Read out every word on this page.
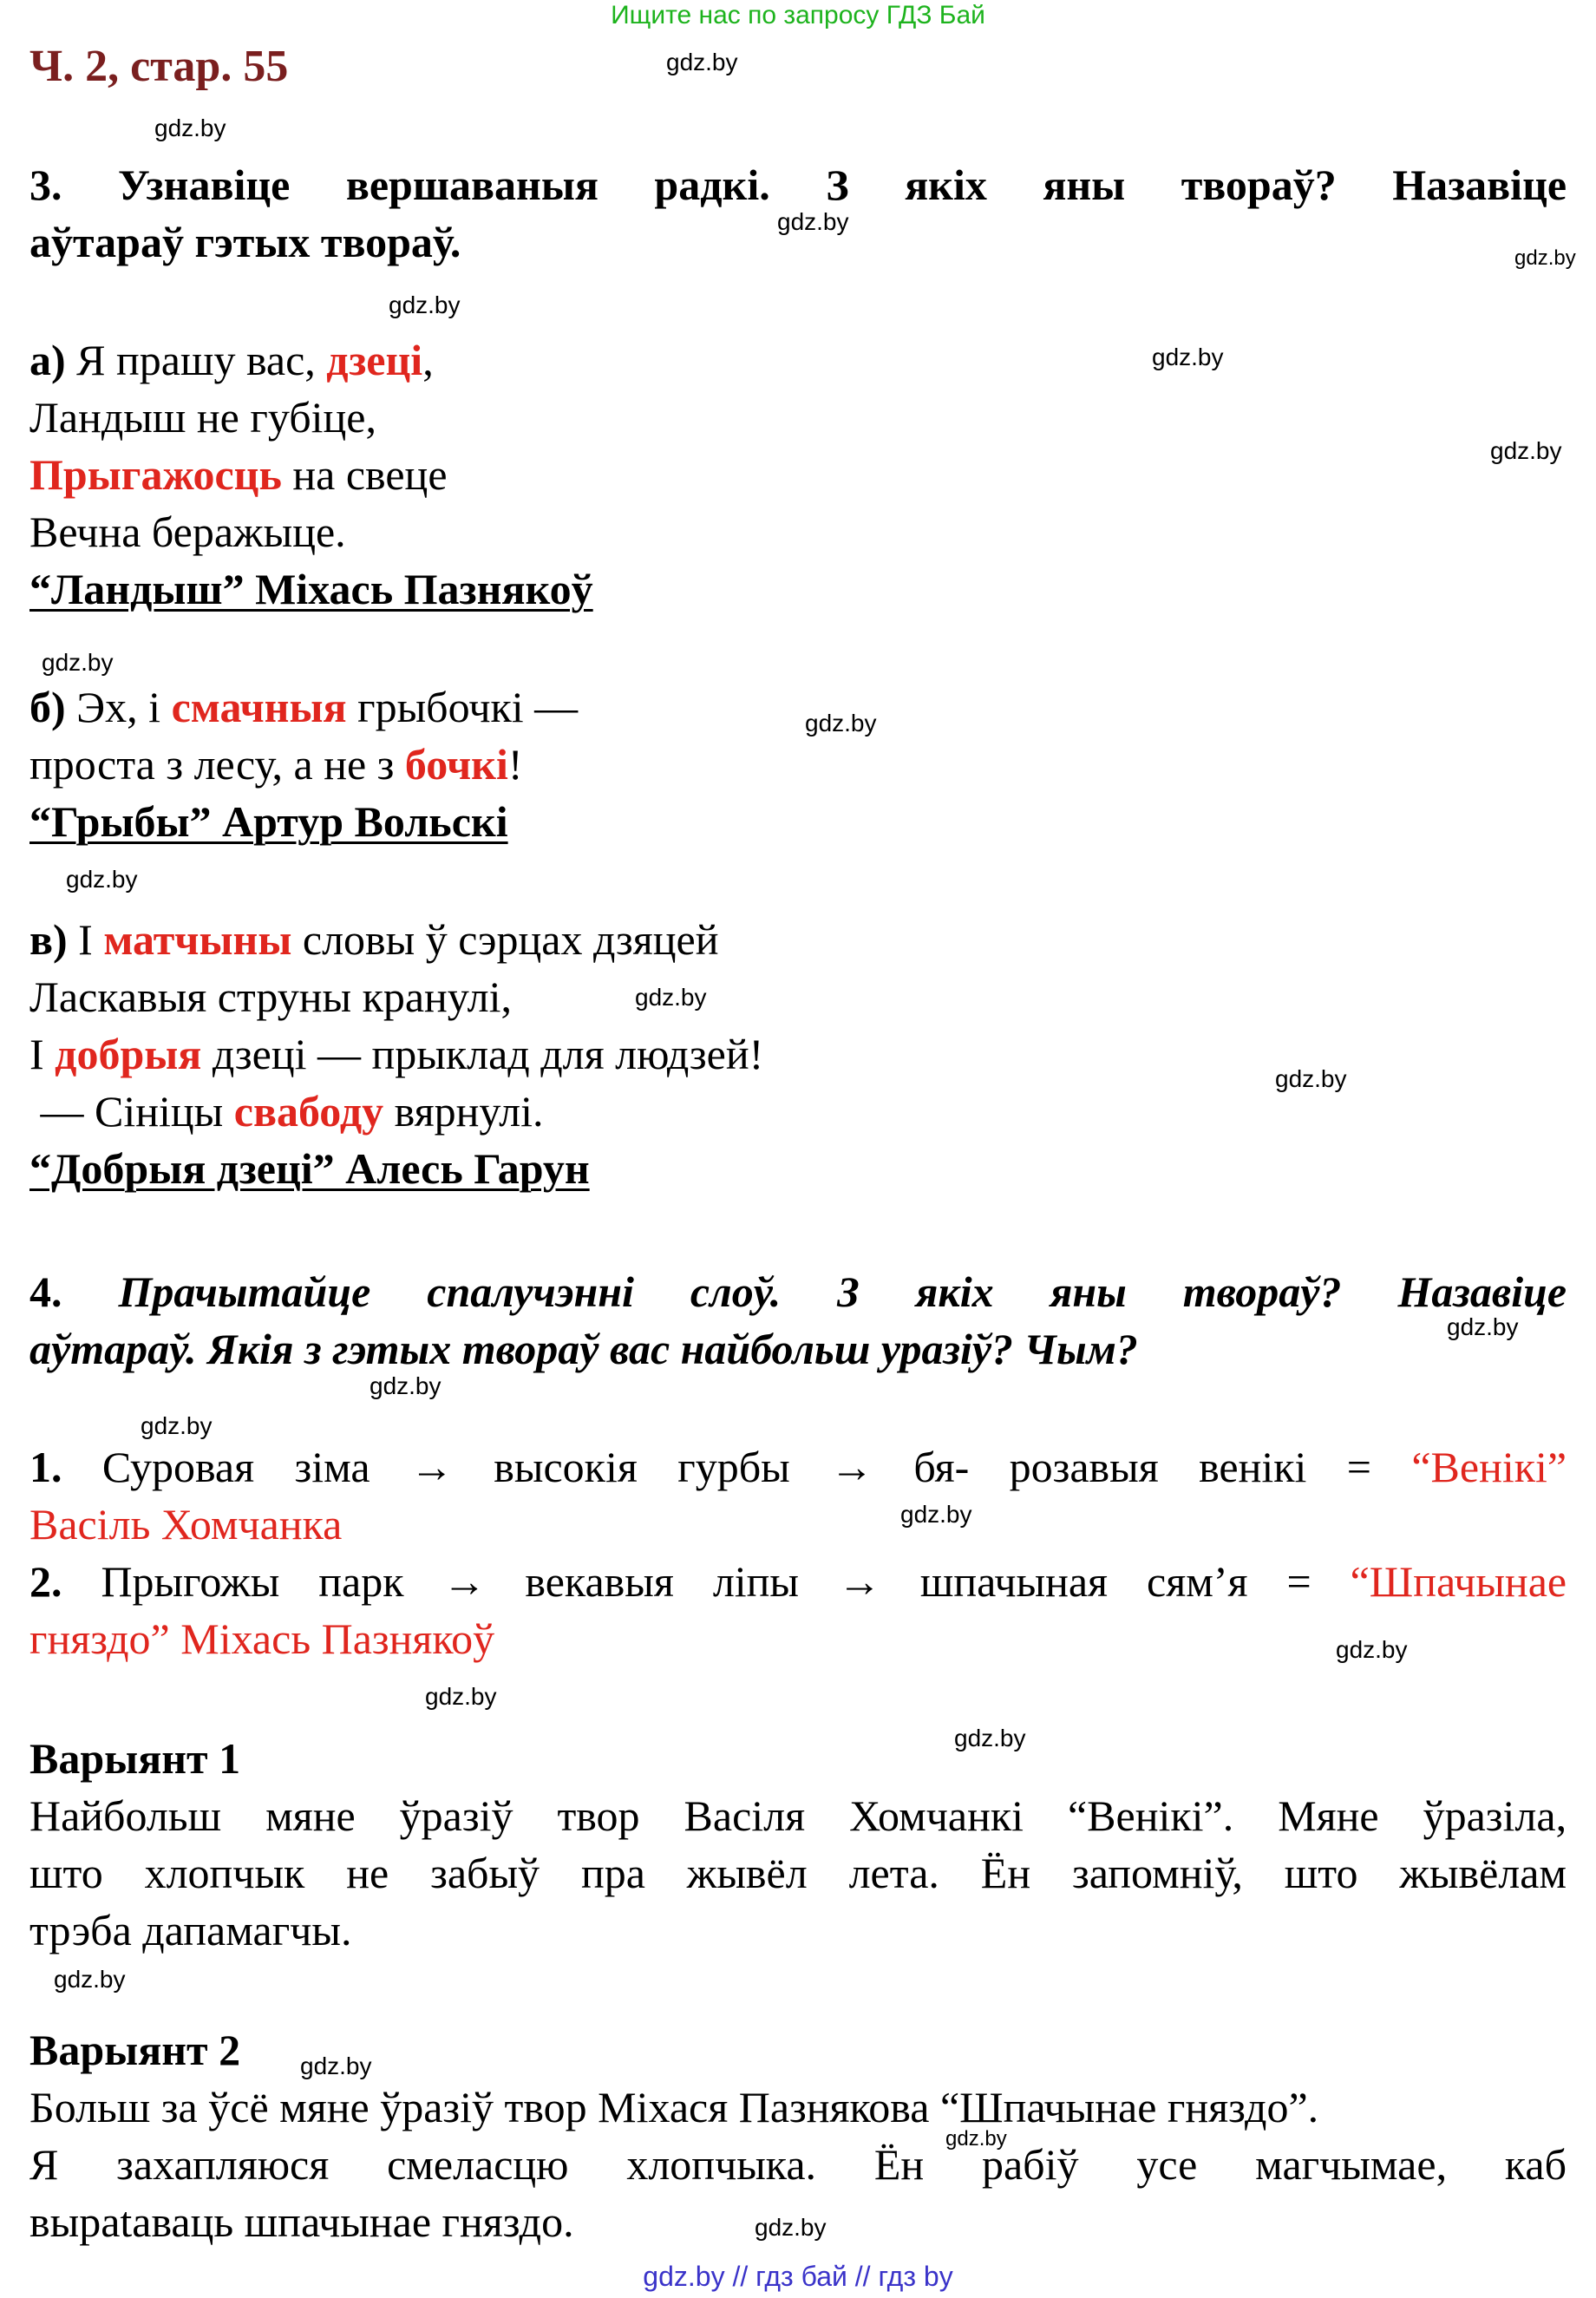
Ищите нас по запросу ГДЗ Бай
Ч. 2, стар. 55	gdz.by
gdz.by
gdz.by
gdz.by
gdz.by
gdz.by
gdz.by
gdz.by
gdz.by
gdz.by
gdz.by
gdz.by
gdz.by
gdz.by
gdz.by
gdz.by
gdz.by
gdz.by
gdz.by
gdz.by
gdz.by
gdz.by
gdz.by
3. Узнавіце вершаваныя радкі. З якіх яны твораў? Назавіце
аўтараў гэтых твораў.
а) Я прашу вас, дзеці,
Ландыш не губіце,
Прыгажосць на свеце
Вечна беражыце.
“Ландыш” Міхась Пазнякоў
б) Эх, і смачныя грыбочкі —
проста з лесу, а не з бочкі!
“Грыбы” Артур Вольскі
в) І матчыны словы ў сэрцах дзяцей
Ласкавыя струны кранулі,
І добрыя дзеці — прыклад для людзей!
— Сініцы свабоду вярнулі.
“Добрыя дзеці” Алесь Гарун
4. Прачытайце спалучэнні слоў. З якіх яны твораў? Назавіце
аўтараў. Якія з гэтых твораў вас найбольш уразіў? Чым?
1. Суровая зіма → высокія гурбы → бя- розавыя венікі = “Венікі”
Васіль Хомчанка
2. Прыгожы парк → векавыя ліпы → шпачыная сям’я = “Шпачынае
гняздо” Міхась Пазнякоў
Варыянт 1
Найбольш мяне ўразіў твор Васіля Хомчанкі “Венікі”. Мяне ўразіла,
што хлопчык не забыў пра жывёл лета. Ён запомніў, што жывёлам
трэба дапамагчы.
Варыянт 2
Больш за ўсё мяне ўразіў твор Міхася Пазнякова “Шпачынае гняздо”.
Я захапляюся смеласцю хлопчыка. Ён рабіў усе магчымае, каб
вырataваць шпачынае гняздо.
gdz.by // гдз бай // гдз by
